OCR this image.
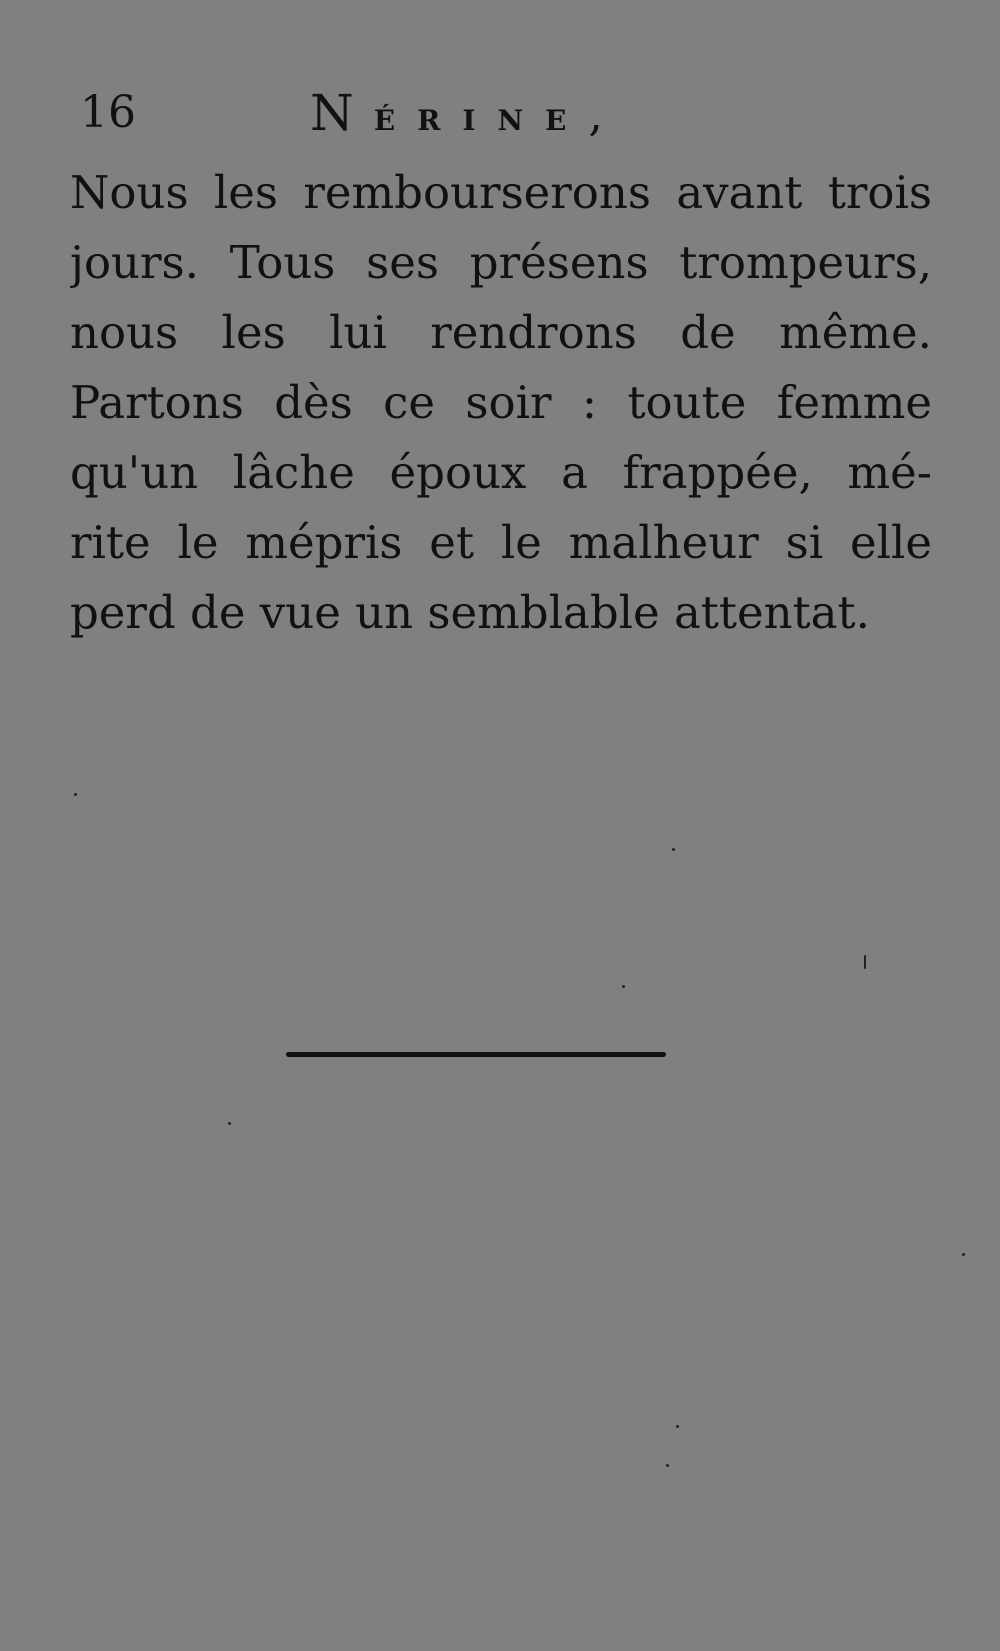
16	NÉRINE,
Nous les rembourserons avant trois
jours. Tous ses présens trompeurs,
nous les lui rendrons de même.
Partons dès ce soir : toute femme
qu'un lâche époux a frappée, mé-
rite le mépris et le malheur si elle
perd de vue un semblable attentat.
